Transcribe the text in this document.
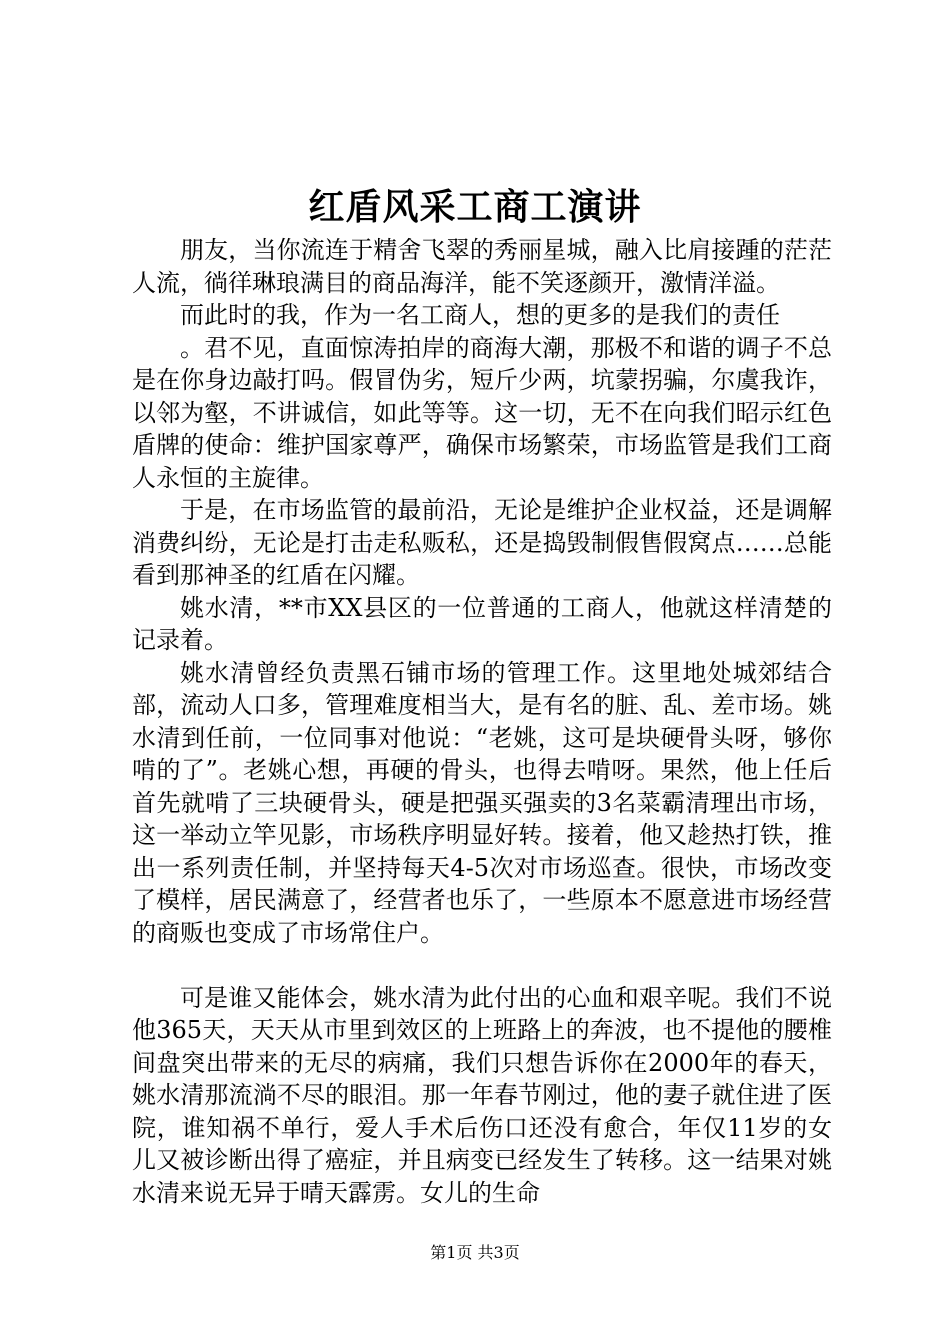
红盾风采工商工演讲

朋友，当你流连于精舍飞翠的秀丽星城，融入比肩接踵的茫茫人流，徜徉琳琅满目的商品海洋，能不笑逐颜开，激情洋溢。

而此时的我，作为一名工商人，想的更多的是我们的责任

。君不见，直面惊涛拍岸的商海大潮，那极不和谐的调子不总是在你身边敲打吗。假冒伪劣，短斤少两，坑蒙拐骗，尔虞我诈，以邻为壑，不讲诚信，如此等等。这一切，无不在向我们昭示红色盾牌的使命：维护国家尊严，确保市场繁荣，市场监管是我们工商人永恒的主旋律。

于是，在市场监管的最前沿，无论是维护企业权益，还是调解消费纠纷，无论是打击走私贩私，还是捣毁制假售假窝点……总能看到那神圣的红盾在闪耀。

姚水清，**市XX县区的一位普通的工商人，他就这样清楚的记录着。

姚水清曾经负责黑石铺市场的管理工作。这里地处城郊结合部，流动人口多，管理难度相当大，是有名的脏、乱、差市场。姚水清到任前，一位同事对他说：“老姚，这可是块硬骨头呀，够你啃的了”。老姚心想，再硬的骨头，也得去啃呀。果然，他上任后首先就啃了三块硬骨头，硬是把强买强卖的3名菜霸清理出市场，这一举动立竿见影，市场秩序明显好转。接着，他又趁热打铁，推出一系列责任制，并坚持每天4-5次对市场巡查。很快，市场改变了模样，居民满意了，经营者也乐了，一些原本不愿意进市场经营的商贩也变成了市场常住户。

可是谁又能体会，姚水清为此付出的心血和艰辛呢。我们不说他365天，天天从市里到效区的上班路上的奔波，也不提他的腰椎间盘突出带来的无尽的病痛，我们只想告诉你在2000年的春天，姚水清那流淌不尽的眼泪。那一年春节刚过，他的妻子就住进了医院，谁知祸不单行，爱人手术后伤口还没有愈合，年仅11岁的女儿又被诊断出得了癌症，并且病变已经发生了转移。这一结果对姚水清来说无异于晴天霹雳。女儿的生命

第1页 共3页
